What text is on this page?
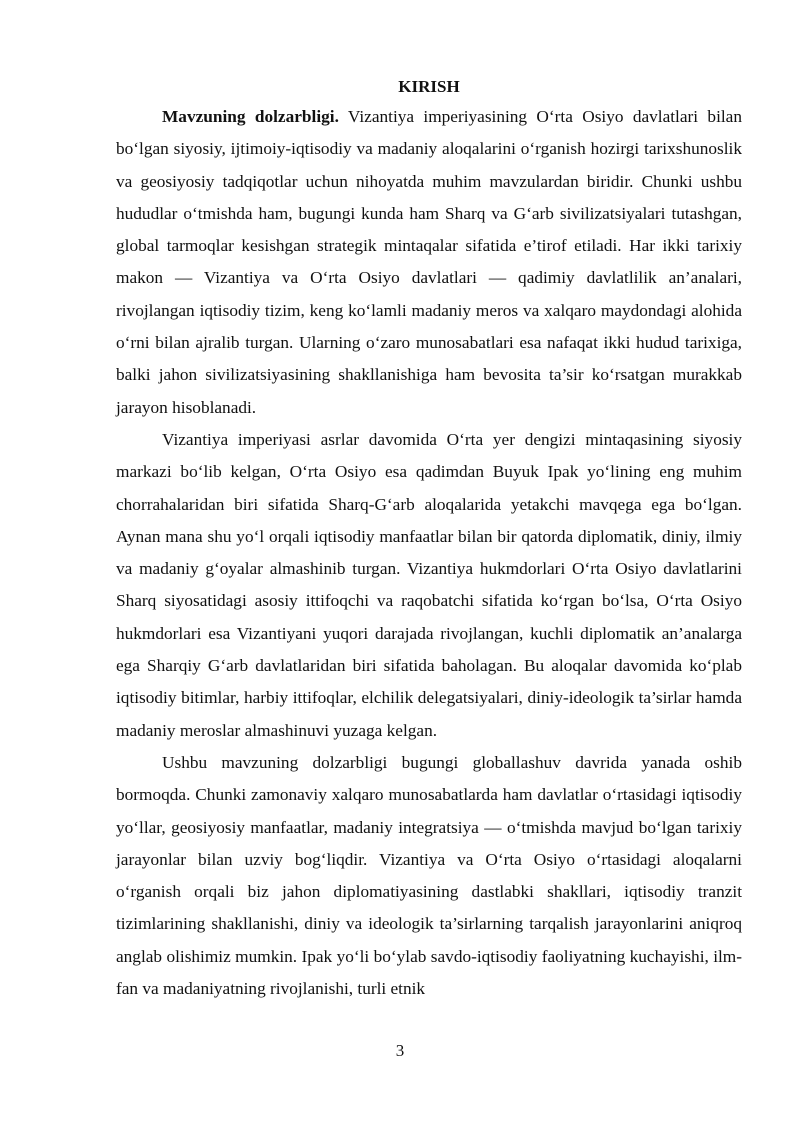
KIRISH

Mavzuning dolzarbligi. Vizantiya imperiyasining O‘rta Osiyo davlatlari bilan bo‘lgan siyosiy, ijtimoiy-iqtisodiy va madaniy aloqalarini o‘rganish hozirgi tarixshunoslik va geosiyosiy tadqiqotlar uchun nihoyatda muhim mavzulardan biridir. Chunki ushbu hududlar o‘tmishda ham, bugungi kunda ham Sharq va G‘arb sivilizatsiyalari tutashgan, global tarmoqlar kesishgan strategik mintaqalar sifatida e’tirof etiladi. Har ikki tarixiy makon — Vizantiya va O‘rta Osiyo davlatlari — qadimiy davlatlilik an’analari, rivojlangan iqtisodiy tizim, keng ko‘lamli madaniy meros va xalqaro maydondagi alohida o‘rni bilan ajralib turgan. Ularning o‘zaro munosabatlari esa nafaqat ikki hudud tarixiga, balki jahon sivilizatsiyasining shakllanishiga ham bevosita ta’sir ko‘rsatgan murakkab jarayon hisoblanadi.

Vizantiya imperiyasi asrlar davomida O‘rta yer dengizi mintaqasining siyosiy markazi bo‘lib kelgan, O‘rta Osiyo esa qadimdan Buyuk Ipak yo‘lining eng muhim chorrahalaridan biri sifatida Sharq-G‘arb aloqalarida yetakchi mavqega ega bo‘lgan. Aynan mana shu yo‘l orqali iqtisodiy manfaatlar bilan bir qatorda diplomatik, diniy, ilmiy va madaniy g‘oyalar almashinib turgan. Vizantiya hukmdorlari O‘rta Osiyo davlatlarini Sharq siyosatidagi asosiy ittifoqchi va raqobatchi sifatida ko‘rgan bo‘lsa, O‘rta Osiyo hukmdorlari esa Vizantiyani yuqori darajada rivojlangan, kuchli diplomatik an’analarga ega Sharqiy G‘arb davlatlaridan biri sifatida baholagan. Bu aloqalar davomida ko‘plab iqtisodiy bitimlar, harbiy ittifoqlar, elchilik delegatsiyalari, diniy-ideologik ta’sirlar hamda madaniy meroslar almashinuvi yuzaga kelgan.

Ushbu mavzuning dolzarbligi bugungi globallashuv davrida yanada oshib bormoqda. Chunki zamonaviy xalqaro munosabatlarda ham davlatlar o‘rtasidagi iqtisodiy yo‘llar, geosiyosiy manfaatlar, madaniy integratsiya — o‘tmishda mavjud bo‘lgan tarixiy jarayonlar bilan uzviy bog‘liqdir. Vizantiya va O‘rta Osiyo o‘rtasidagi aloqalarni o‘rganish orqali biz jahon diplomatiyasining dastlabki shakllari, iqtisodiy tranzit tizimlarining shakllanishi, diniy va ideologik ta’sirlarning tarqalish jarayonlarini aniqroq anglab olishimiz mumkin. Ipak yo‘li bo‘ylab savdo-iqtisodiy faoliyatning kuchayishi, ilm-fan va madaniyatning rivojlanishi, turli etnik

3
